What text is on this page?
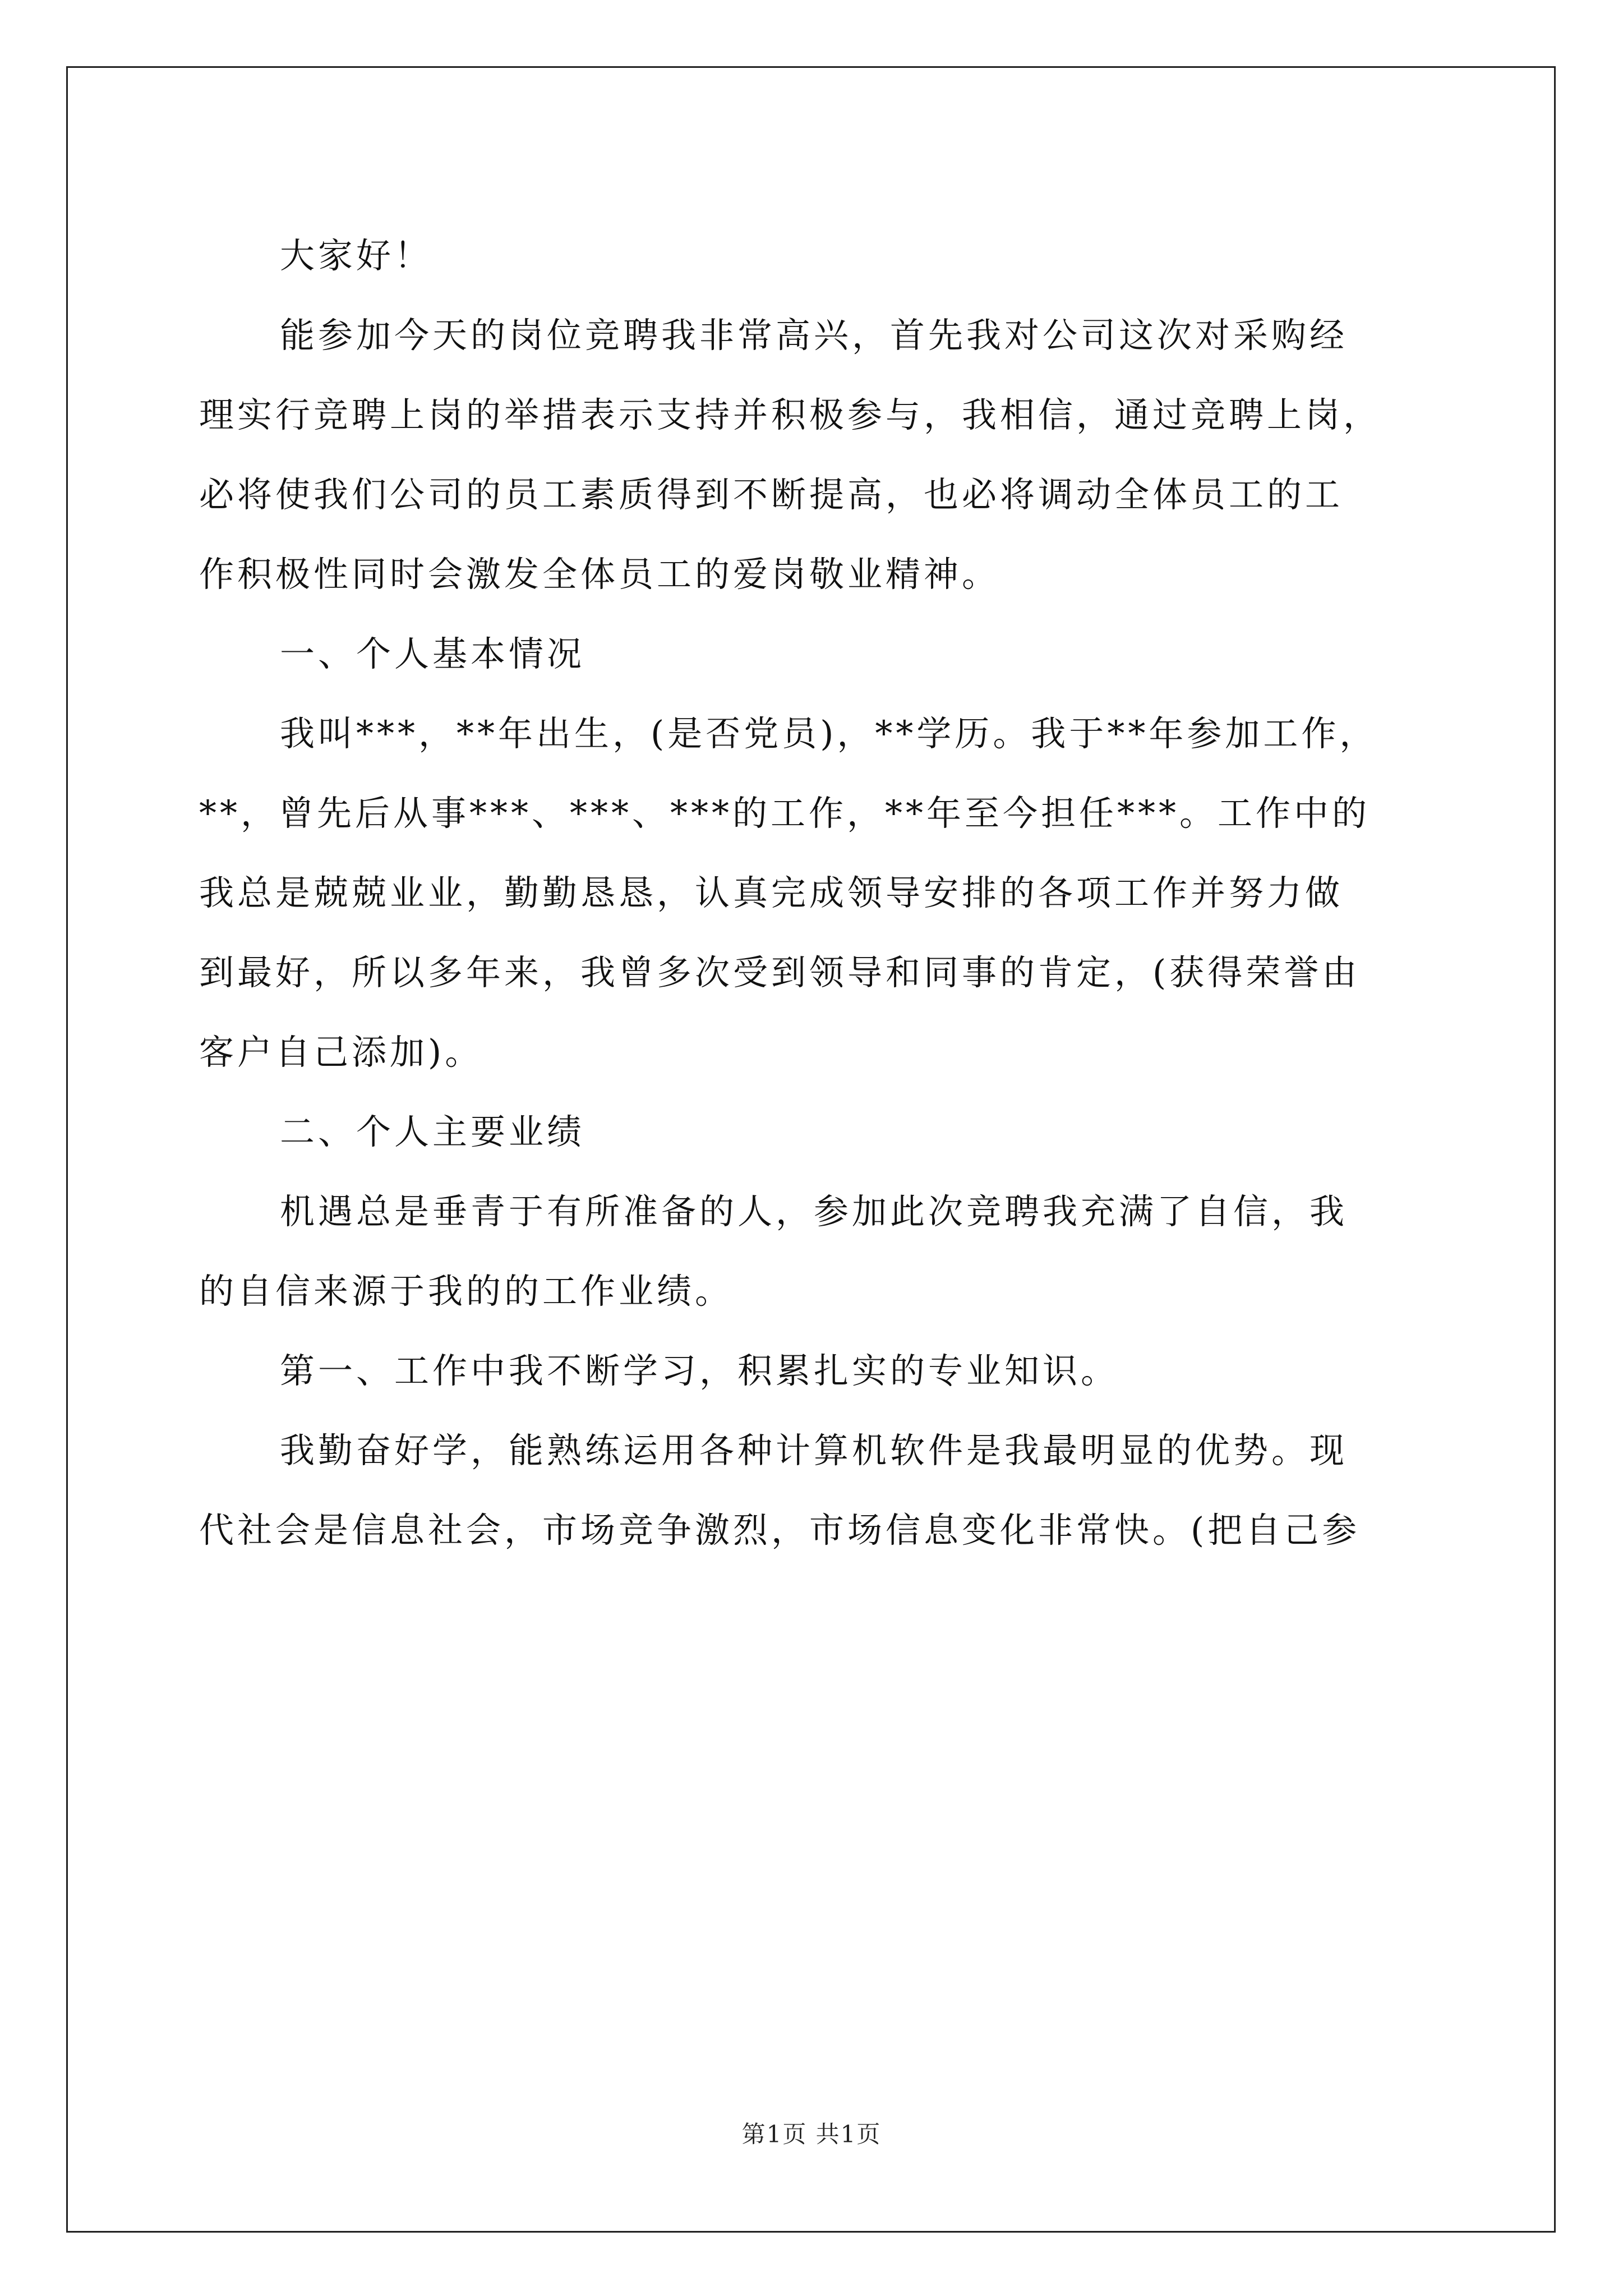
大家好！
能参加今天的岗位竞聘我非常高兴，首先我对公司这次对采购经
理实行竞聘上岗的举措表示支持并积极参与，我相信，通过竞聘上岗，
必将使我们公司的员工素质得到不断提高，也必将调动全体员工的工
作积极性同时会激发全体员工的爱岗敬业精神。
一、个人基本情况
我叫***，**年出生，(是否党员)，**学历。我于**年参加工作，
**，曾先后从事***、***、***的工作，**年至今担任***。工作中的
我总是兢兢业业，勤勤恳恳，认真完成领导安排的各项工作并努力做
到最好，所以多年来，我曾多次受到领导和同事的肯定，(获得荣誉由
客户自己添加)。
二、个人主要业绩
机遇总是垂青于有所准备的人，参加此次竞聘我充满了自信，我
的自信来源于我的的工作业绩。
第一、工作中我不断学习，积累扎实的专业知识。
我勤奋好学，能熟练运用各种计算机软件是我最明显的优势。现
代社会是信息社会，市场竞争激烈，市场信息变化非常快。(把自己参
第1页 共1页
